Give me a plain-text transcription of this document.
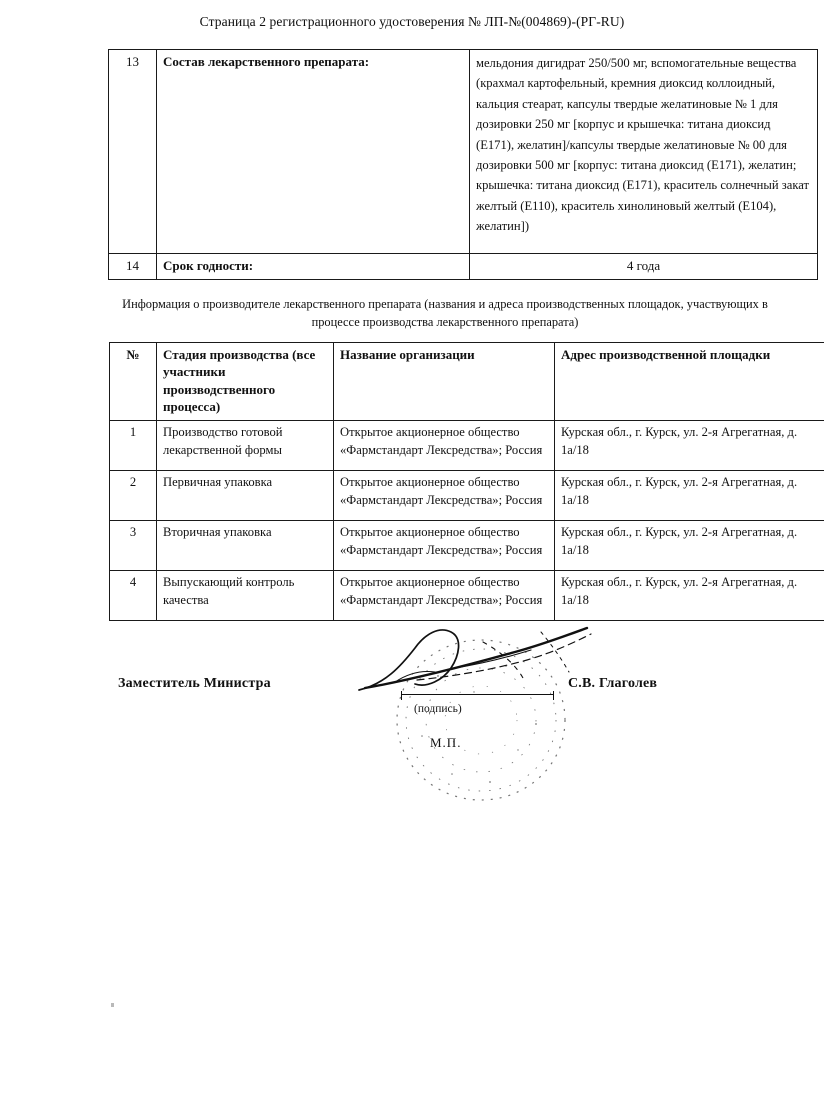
Страница 2 регистрационного удостоверения № ЛП-№(004869)-(РГ-RU)
13	Состав лекарственного препарата:	мельдония дигидрат 250/500 мг, вспомогательные вещества (крахмал картофельный, кремния диоксид коллоидный, кальция стеарат, капсулы твердые желатиновые № 1 для дозировки 250 мг [корпус и крышечка: титана диоксид (Е171), желатин]/капсулы твердые желатиновые № 00 для дозировки 500 мг [корпус: титана диоксид (Е171), желатин; крышечка: титана диоксид (Е171), краситель солнечный закат желтый (Е110), краситель хинолиновый желтый (Е104), желатин])
14	Срок годности:	4 года
Информация о производителе лекарственного препарата (названия и адреса производственных площадок, участвующих в процессе производства лекарственного препарата)
№	Стадия производства (все участники производственного процесса)	Название организации	Адрес производственной площадки
1	Производство готовой лекарственной формы	Открытое акционерное общество «Фармстандарт Лексредства»; Россия	Курская обл., г. Курск, ул. 2-я Агрегатная, д. 1а/18
2	Первичная упаковка	Открытое акционерное общество «Фармстандарт Лексредства»; Россия	Курская обл., г. Курск, ул. 2-я Агрегатная, д. 1а/18
3	Вторичная упаковка	Открытое акционерное общество «Фармстандарт Лексредства»; Россия	Курская обл., г. Курск, ул. 2-я Агрегатная, д. 1а/18
4	Выпускающий контроль качества	Открытое акционерное общество «Фармстандарт Лексредства»; Россия	Курская обл., г. Курск, ул. 2-я Агрегатная, д. 1а/18
Заместитель Министра	С.В. Глаголев
(подпись)
М.П.
